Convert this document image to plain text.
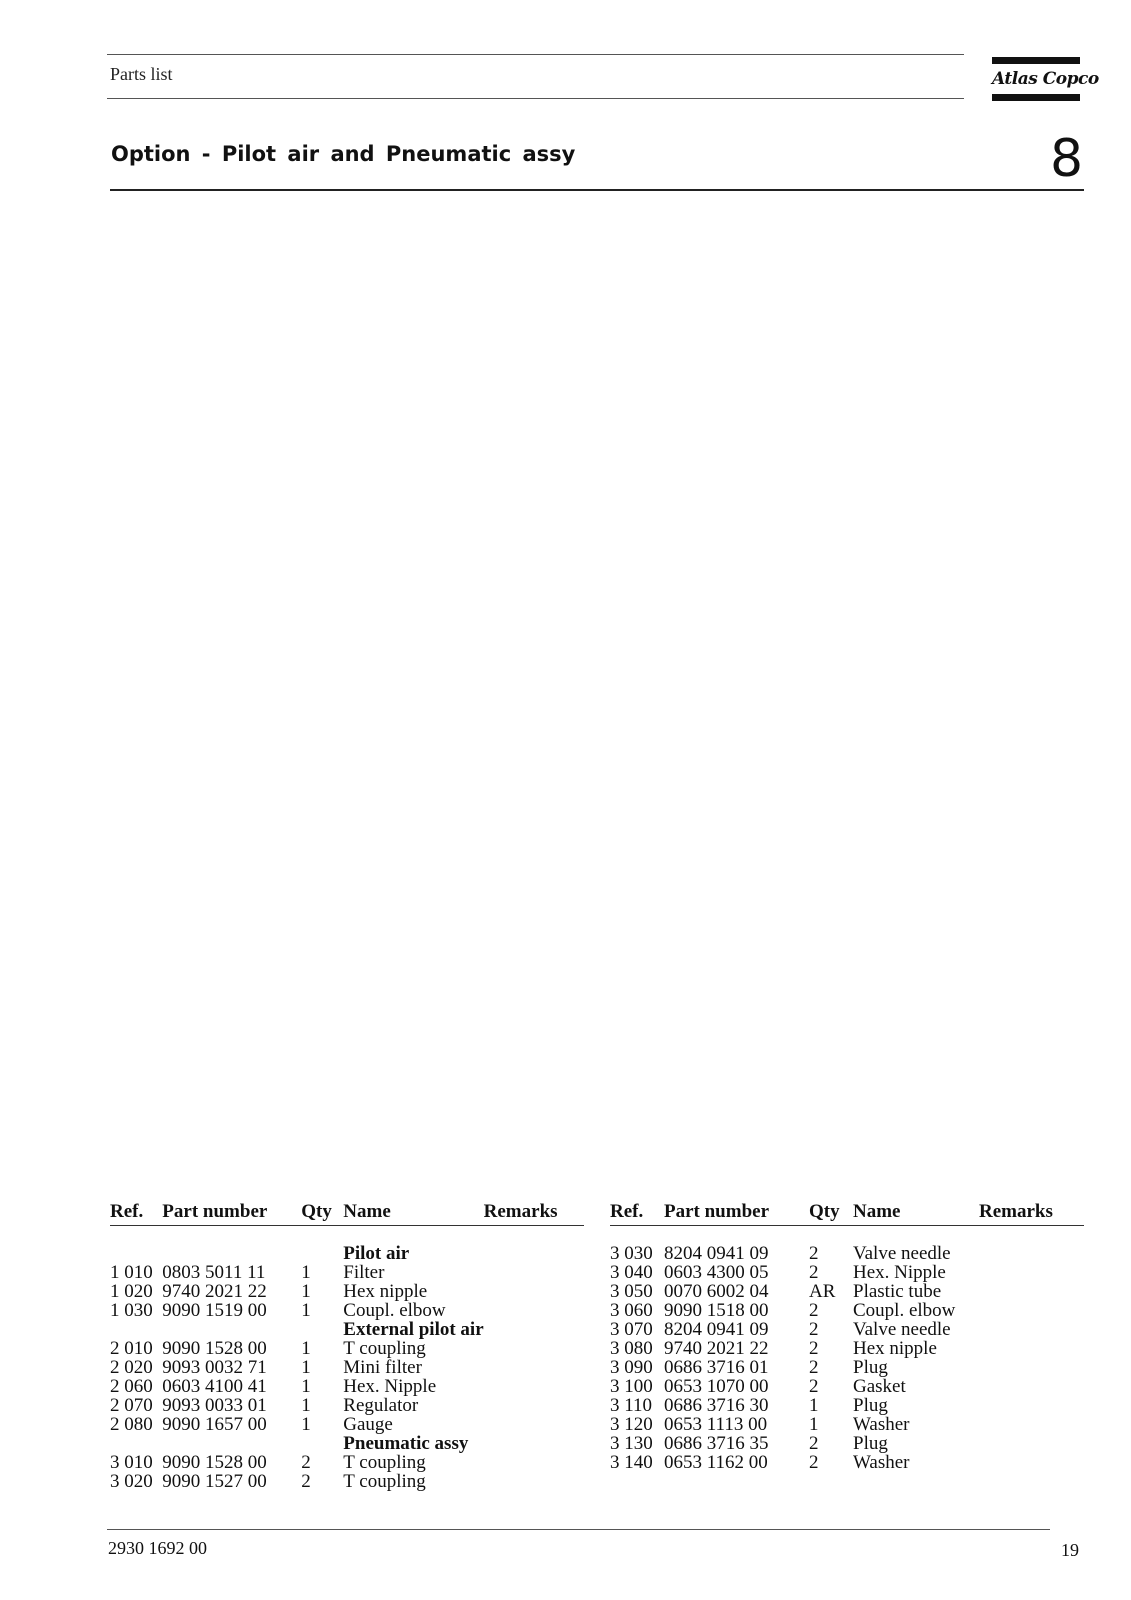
Parts list	Atlas Copco
Option - Pilot air and Pneumatic assy	8
Ref.	Part number	Qty	Name	Remarks

			Pilot air	
1 010	0803 5011 11	1	Filter	
1 020	9740 2021 22	1	Hex nipple	
1 030	9090 1519 00	1	Coupl. elbow	
			External pilot air	
2 010	9090 1528 00	1	T coupling	
2 020	9093 0032 71	1	Mini filter	
2 060	0603 4100 41	1	Hex. Nipple	
2 070	9093 0033 01	1	Regulator	
2 080	9090 1657 00	1	Gauge	
			Pneumatic assy	
3 010	9090 1528 00	2	T coupling	
3 020	9090 1527 00	2	T coupling	
Ref.	Part number	Qty	Name	Remarks

3 030	8204 0941 09	2	Valve needle	
3 040	0603 4300 05	2	Hex. Nipple	
3 050	0070 6002 04	AR	Plastic tube	
3 060	9090 1518 00	2	Coupl. elbow	
3 070	8204 0941 09	2	Valve needle	
3 080	9740 2021 22	2	Hex nipple	
3 090	0686 3716 01	2	Plug	
3 100	0653 1070 00	2	Gasket	
3 110	0686 3716 30	1	Plug	
3 120	0653 1113 00	1	Washer	
3 130	0686 3716 35	2	Plug	
3 140	0653 1162 00	2	Washer	
2930 1692 00	19
